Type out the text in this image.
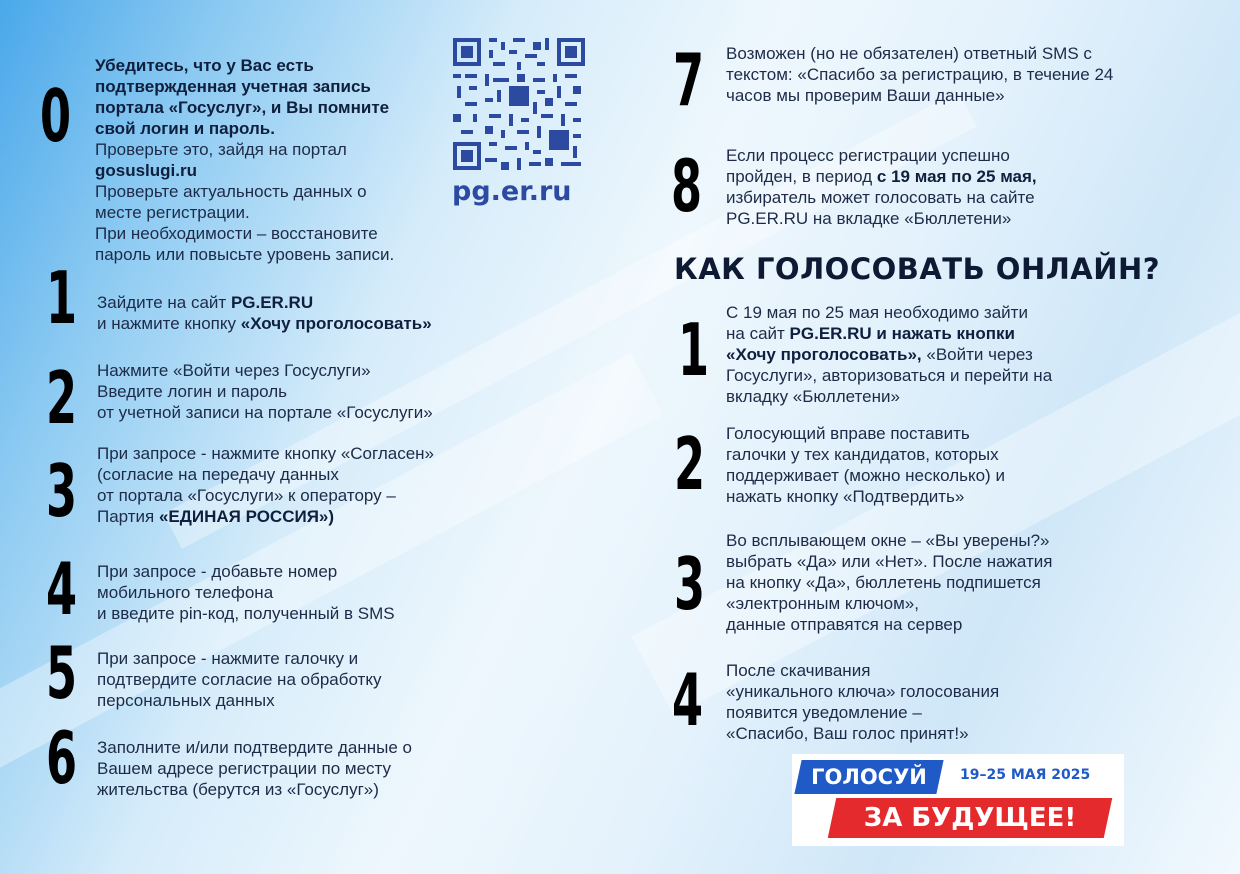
0
Убедитесь, что у Вас есть
подтвержденная учетная запись
портала «Госуслуг», и Вы помните
свой логин и пароль.
Проверьте это, зайдя на портал
gosuslugi.ru
Проверьте актуальность данных о
месте регистрации.
При необходимости – восстановите
пароль или повысьте уровень записи.

pg.er.ru

1 Зайдите на сайт PG.ER.RU
и нажмите кнопку «Хочу проголосовать»
2 Нажмите «Войти через Госуслуги»
Введите логин и пароль
от учетной записи на портале «Госуслуги»
3 При запросе - нажмите кнопку «Согласен»
(согласие на передачу данных
от портала «Госуслуги» к оператору –
Партия «ЕДИНАЯ РОССИЯ»)
4 При запросе - добавьте номер
мобильного телефона
и введите pin-код, полученный в SMS
5 При запросе - нажмите галочку и
подтвердите согласие на обработку
персональных данных
6 Заполните и/или подтвердите данные о
Вашем адресе регистрации по месту
жительства (берутся из «Госуслуг»)
7 Возможен (но не обязателен) ответный SMS с
текстом: «Спасибо за регистрацию, в течение 24
часов мы проверим Ваши данные»
8 Если процесс регистрации успешно
пройден, в период с 19 мая по 25 мая,
избиратель может голосовать на сайте
PG.ER.RU на вкладке «Бюллетени»
КАК ГОЛОСОВАТЬ ОНЛАЙН?
1 С 19 мая по 25 мая необходимо зайти
на сайт PG.ER.RU и нажать кнопки
«Хочу проголосовать», «Войти через
Госуслуги», авторизоваться и перейти на
вкладку «Бюллетени»
2 Голосующий вправе поставить
галочки у тех кандидатов, которых
поддерживает (можно несколько) и
нажать кнопку «Подтвердить»
3
Во всплывающем окне – «Вы уверены?»
выбрать «Да» или «Нет». После нажатия
на кнопку «Да», бюллетень подпишется
«электронным ключом»,
данные отправятся на сервер
4 После скачивания
«уникального ключа» голосования
появится уведомление –
«Спасибо, Ваш голос принят!»
ГОЛОСУЙ	19–25 МАЯ 2025
ЗА БУДУЩЕЕ!
